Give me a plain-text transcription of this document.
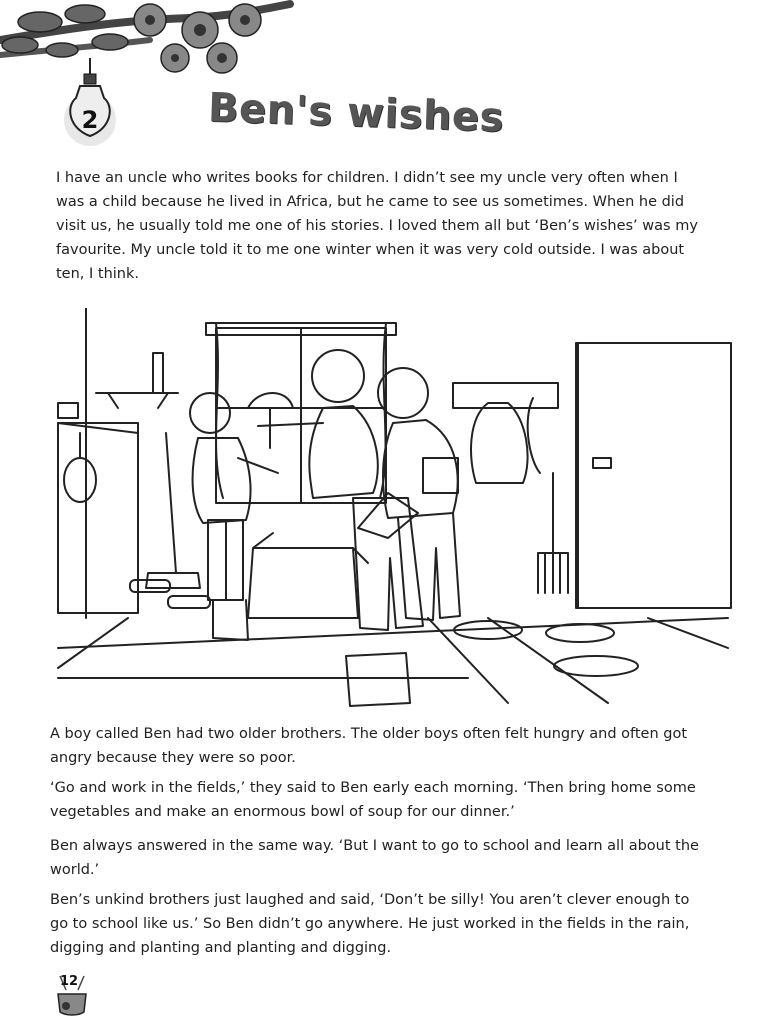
2	Ben's wishes

I have an uncle who writes books for children. I didn’t see my uncle very often when I was a child because he lived in Africa, but he came to see us sometimes. When he did visit us, he usually told me one of his stories. I loved them all but ‘Ben’s wishes’ was my favourite. My uncle told it to me one winter when it was very cold outside. I was about ten, I think.

A boy called Ben had two older brothers. The older boys often felt hungry and often got angry because they were so poor.

‘Go and work in the fields,’ they said to Ben early each morning. ‘Then bring home some vegetables and make an enormous bowl of soup for our dinner.’

Ben always answered in the same way. ‘But I want to go to school and learn all about the world.’

Ben’s unkind brothers just laughed and said, ‘Don’t be silly! You aren’t clever enough to go to school like us.’ So Ben didn’t go anywhere. He just worked in the fields in the rain, digging and planting and planting and digging.

12
